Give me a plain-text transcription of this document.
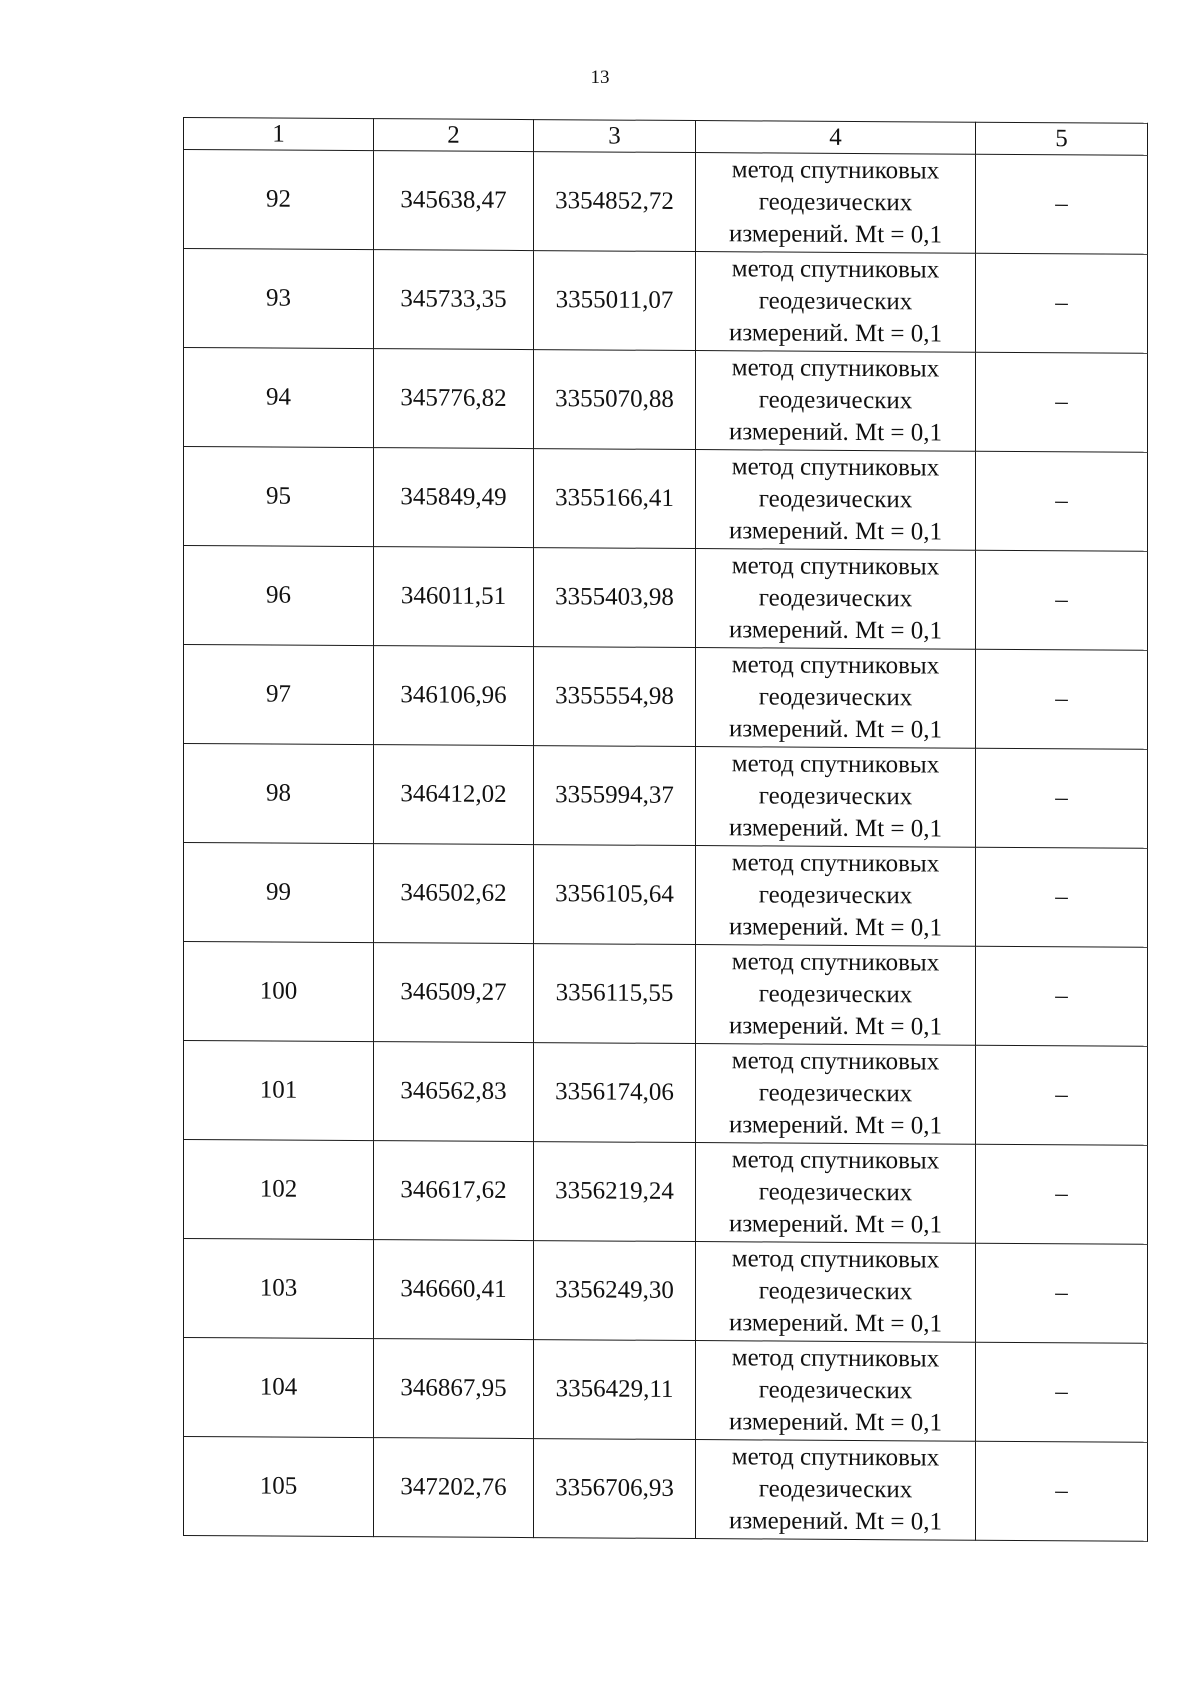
13
1	2	3	4	5
92	345638,47	3354852,72	метод спутниковых
геодезических
измерений. Mt = 0,1	–
93	345733,35	3355011,07	метод спутниковых
геодезических
измерений. Mt = 0,1	–
94	345776,82	3355070,88	метод спутниковых
геодезических
измерений. Mt = 0,1	–
95	345849,49	3355166,41	метод спутниковых
геодезических
измерений. Mt = 0,1	–
96	346011,51	3355403,98	метод спутниковых
геодезических
измерений. Mt = 0,1	–
97	346106,96	3355554,98	метод спутниковых
геодезических
измерений. Mt = 0,1	–
98	346412,02	3355994,37	метод спутниковых
геодезических
измерений. Mt = 0,1	–
99	346502,62	3356105,64	метод спутниковых
геодезических
измерений. Mt = 0,1	–
100	346509,27	3356115,55	метод спутниковых
геодезических
измерений. Mt = 0,1	–
101	346562,83	3356174,06	метод спутниковых
геодезических
измерений. Mt = 0,1	–
102	346617,62	3356219,24	метод спутниковых
геодезических
измерений. Mt = 0,1	–
103	346660,41	3356249,30	метод спутниковых
геодезических
измерений. Mt = 0,1	–
104	346867,95	3356429,11	метод спутниковых
геодезических
измерений. Mt = 0,1	–
105	347202,76	3356706,93	метод спутниковых
геодезических
измерений. Mt = 0,1	–
